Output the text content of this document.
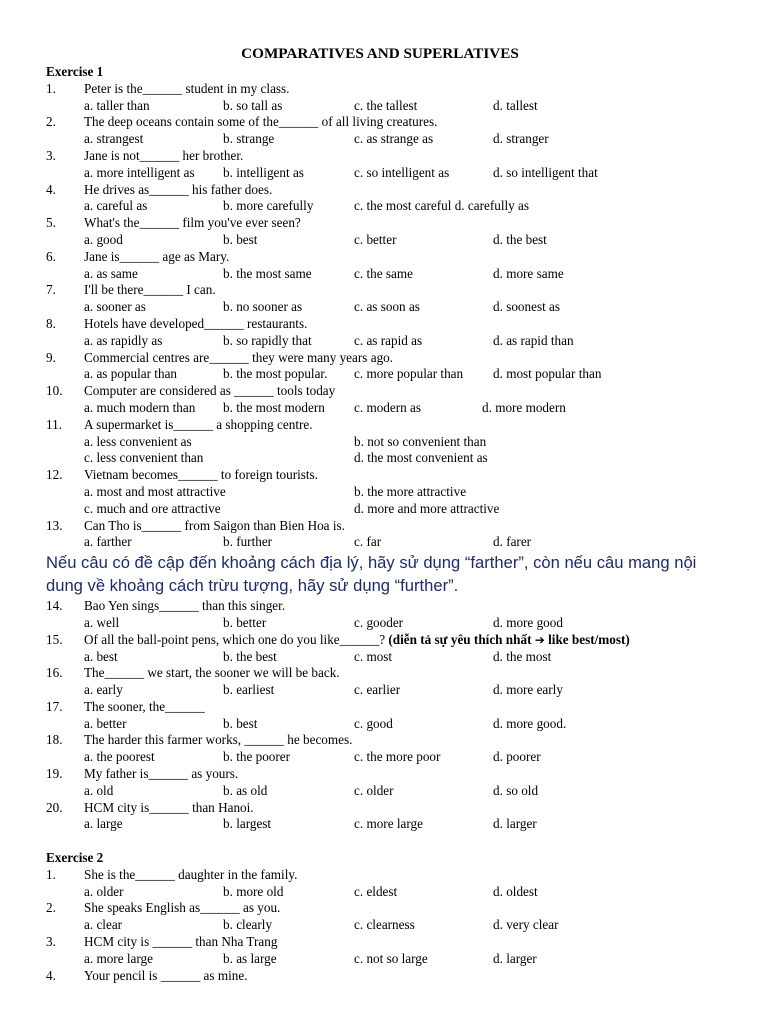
COMPARATIVES AND SUPERLATIVES
Exercise 1
1. Peter is the______ student in my class.
a. taller than	b. so tall as	c. the tallest	d. tallest
2. The deep oceans contain some of the______ of all living creatures.
a. strangest	b. strange	c. as strange as	d. stranger
3. Jane is not______ her brother.
a. more intelligent as b. intelligent as	c. so intelligent as	d. so intelligent that
4. He drives as______ his father does.
a. careful as	b. more carefully	c. the most careful d. carefully as
5. What's the______ film you've ever seen?
a. good	b. best	c. better	d. the best
6. Jane is______ age as Mary.
a. as same	b. the most same	c. the same	d. more same
7. I'll be there______ I can.
a. sooner as	b. no sooner as	c. as soon as	d. soonest as
8. Hotels have developed______ restaurants.
a. as rapidly as	b. so rapidly that	c. as rapid as	d. as rapid than
9. Commercial centres are______ they were many years ago.
a. as popular than	b. the most popular. c. more popular than d. most popular than
10. Computer are considered as ______ tools today
a. much modern than b. the most modern c. modern as	d. more modern
11. A supermarket is______ a shopping centre.
a. less convenient as	b. not so convenient than
c. less convenient than	d. the most convenient as
12. Vietnam becomes______ to foreign tourists.
a. most and most attractive	b. the more attractive
c. much and ore attractive	d. more and more attractive
13. Can Tho is______ from Saigon than Bien Hoa is.
a. farther	b. further	c. far	d. farer
Nếu câu có đề cập đến khoảng cách địa lý, hãy sử dụng “farther”, còn nếu câu mang nội dung về khoảng cách trừu tượng, hãy sử dụng “further”.
14. Bao Yen sings______ than this singer.
a. well	b. better	c. gooder	d. more good
15. Of all the ball-point pens, which one do you like______? (diễn tả sự yêu thích nhất ➔ like best/most)
a. best	b. the best	c. most	d. the most
16. The______ we start, the sooner we will be back.
a. early	b. earliest	c. earlier	d. more early
17. The sooner, the______
a. better	b. best	c. good	d. more good.
18. The harder this farmer works, ______ he becomes.
a. the poorest	b. the poorer	c. the more poor	d. poorer
19. My father is______ as yours.
a. old	b. as old	c. older	d. so old
20. HCM city is______ than Hanoi.
a. large	b. largest	c. more large	d. larger
Exercise 2
1. She is the______ daughter in the family.
a. older	b. more old	c. eldest	d. oldest
2. She speaks English as______ as you.
a. clear	b. clearly	c. clearness	d. very clear
3. HCM city is ______ than Nha Trang
a. more large	b. as large	c. not so large	d. larger
4. Your pencil is ______ as mine.
